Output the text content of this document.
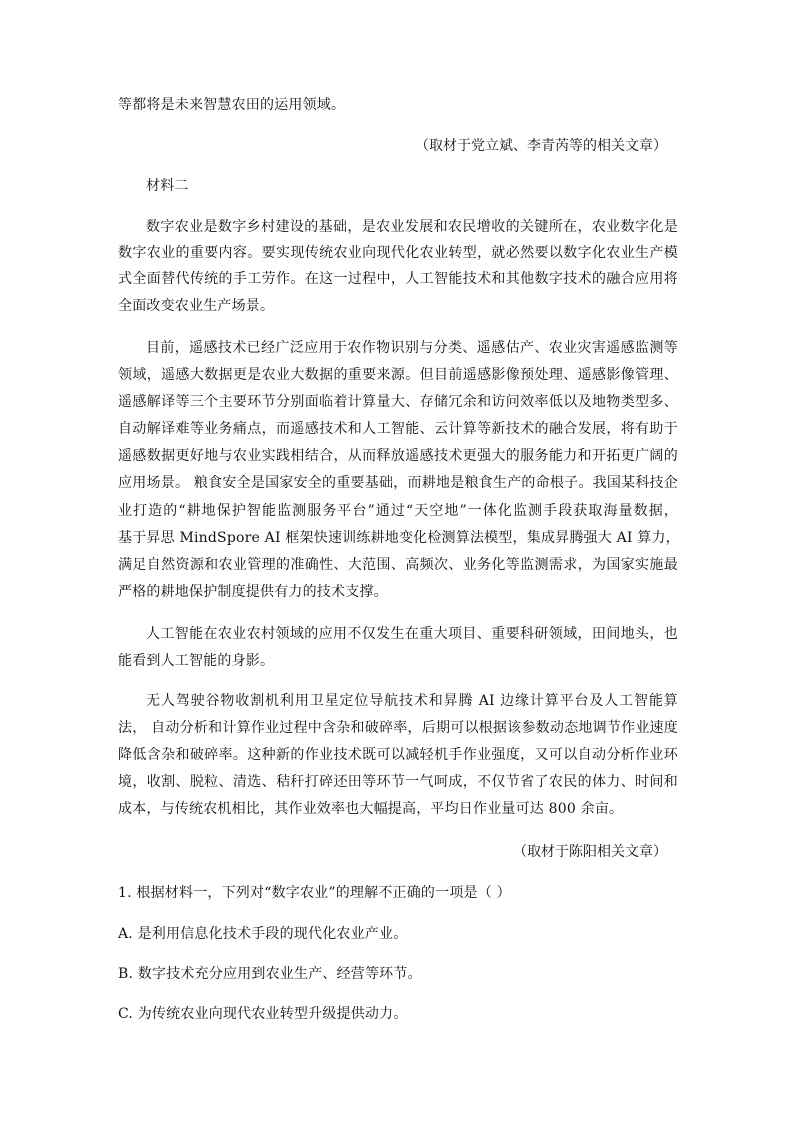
等都将是未来智慧农田的运用领域。
（取材于党立斌、李青芮等的相关文章）
材料二
数字农业是数字乡村建设的基础，是农业发展和农民增收的关键所在，农业数字化是
数字农业的重要内容。要实现传统农业向现代化农业转型，就必然要以数字化农业生产模
式全面替代传统的手工劳作。在这一过程中，人工智能技术和其他数字技术的融合应用将
全面改变农业生产场景。
目前，遥感技术已经广泛应用于农作物识别与分类、遥感估产、农业灾害遥感监测等
领域，遥感大数据更是农业大数据的重要来源。但目前遥感影像预处理、遥感影像管理、
遥感解译等三个主要环节分别面临着计算量大、存储冗余和访问效率低以及地物类型多、
自动解译难等业务痛点，而遥感技术和人工智能、云计算等新技术的融合发展，将有助于
遥感数据更好地与农业实践相结合，从而释放遥感技术更强大的服务能力和开拓更广阔的
应用场景。 粮食安全是国家安全的重要基础，而耕地是粮食生产的命根子。我国某科技企
业打造的“耕地保护智能监测服务平台”通过“天空地”一体化监测手段获取海量数据，
基于昇思 MindSpore AI 框架快速训练耕地变化检测算法模型，集成昇腾强大 AI 算力，
满足自然资源和农业管理的准确性、大范围、高频次、业务化等监测需求，为国家实施最
严格的耕地保护制度提供有力的技术支撑。
人工智能在农业农村领域的应用不仅发生在重大项目、重要科研领域，田间地头，也
能看到人工智能的身影。
无人驾驶谷物收割机利用卫星定位导航技术和昇腾 AI 边缘计算平台及人工智能算
法， 自动分析和计算作业过程中含杂和破碎率，后期可以根据该参数动态地调节作业速度
降低含杂和破碎率。这种新的作业技术既可以减轻机手作业强度，又可以自动分析作业环
境，收割、脱粒、清选、秸秆打碎还田等环节一气呵成，不仅节省了农民的体力、时间和
成本，与传统农机相比，其作业效率也大幅提高，平均日作业量可达 800 余亩。
（取材于陈阳相关文章）
1. 根据材料一，下列对“数字农业”的理解不正确的一项是（ ）
A. 是利用信息化技术手段的现代化农业产业。
B. 数字技术充分应用到农业生产、经营等环节。
C. 为传统农业向现代农业转型升级提供动力。
